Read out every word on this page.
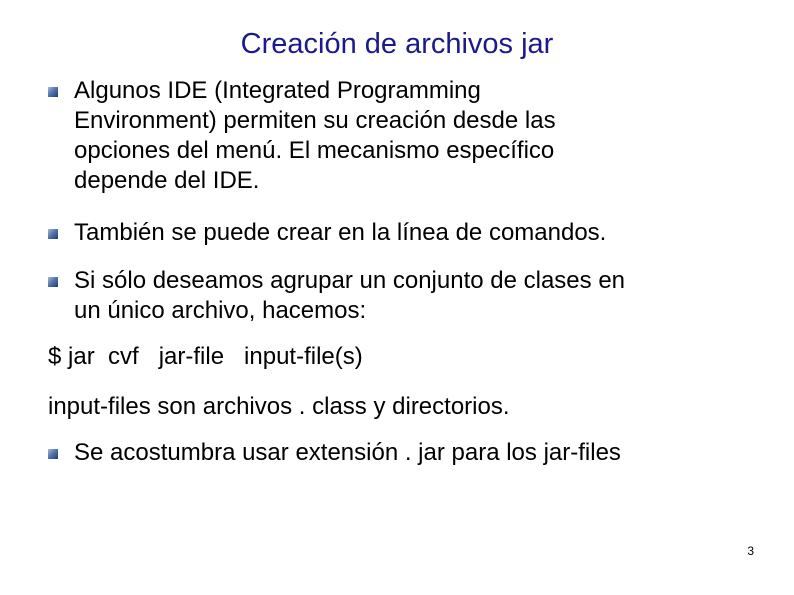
Creación de archivos jar
Algunos IDE (Integrated Programming
Environment) permiten su creación desde las
opciones del menú. El mecanismo específico
depende del IDE.
También se puede crear en la línea de comandos.
Si sólo deseamos agrupar un conjunto de clases en
un único archivo, hacemos:
$ jar  cvf   jar-file   input-file(s)
input-files son archivos . class y directorios.
Se acostumbra usar extensión . jar para los jar-files
3
